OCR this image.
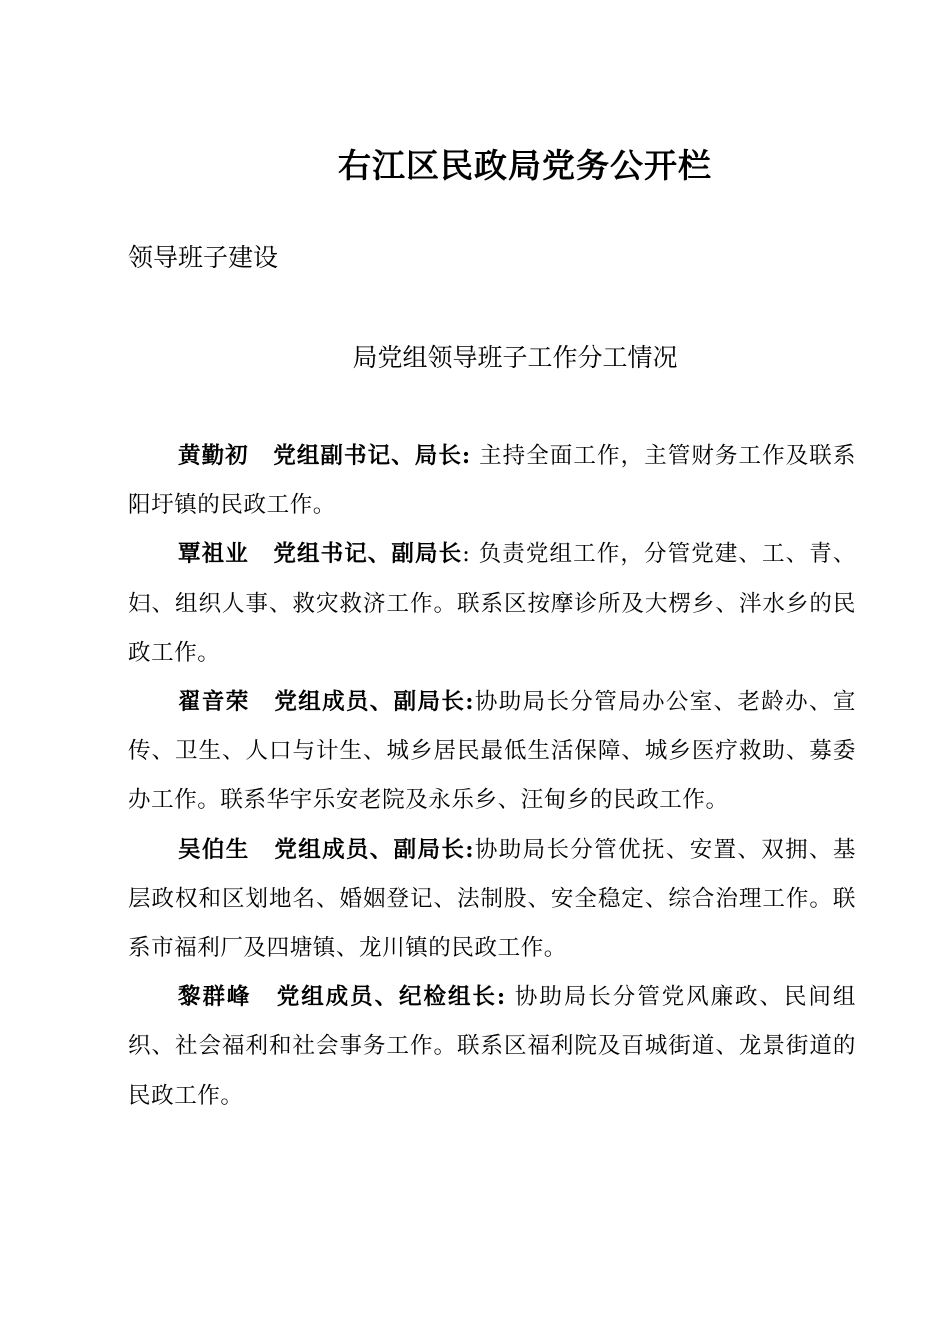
右江区民政局党务公开栏
领导班子建设
局党组领导班子工作分工情况

黄勤初 党组副书记、局长: 主持全面工作，主管财务工作及联系阳圩镇的民政工作。

覃祖业 党组书记、副局长: 负责党组工作，分管党建、工、青、妇、组织人事、救灾救济工作。联系区按摩诊所及大楞乡、泮水乡的民政工作。

翟音荣 党组成员、副局长:协助局长分管局办公室、老龄办、宣传、卫生、人口与计生、城乡居民最低生活保障、城乡医疗救助、募委办工作。联系华宇乐安老院及永乐乡、汪甸乡的民政工作。

吴伯生 党组成员、副局长:协助局长分管优抚、安置、双拥、基层政权和区划地名、婚姻登记、法制股、安全稳定、综合治理工作。联系市福利厂及四塘镇、龙川镇的民政工作。

黎群峰 党组成员、纪检组长: 协助局长分管党风廉政、民间组织、社会福利和社会事务工作。联系区福利院及百城街道、龙景街道的民政工作。
